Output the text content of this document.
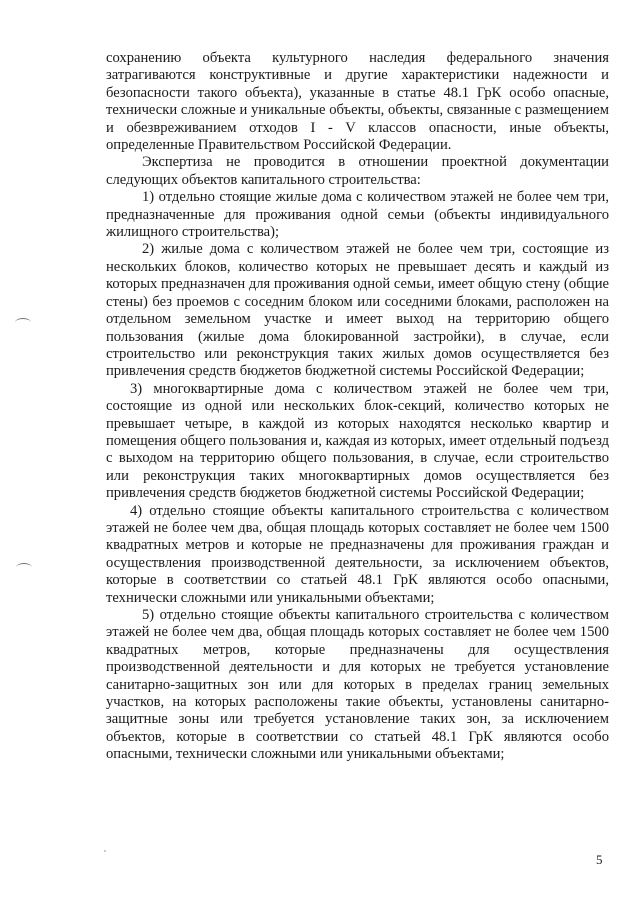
сохранению объекта культурного наследия федерального значения затрагиваются конструктивные и другие характеристики надежности и безопасности такого объекта), указанные в статье 48.1 ГрК особо опасные, технически сложные и уникальные объекты, объекты, связанные с размещением и обезвреживанием отходов I - V классов опасности, иные объекты, определенные Правительством Российской Федерации.

Экспертиза не проводится в отношении проектной документации следующих объектов капитального строительства:

1) отдельно стоящие жилые дома с количеством этажей не более чем три, предназначенные для проживания одной семьи (объекты индивидуального жилищного строительства);

2) жилые дома с количеством этажей не более чем три, состоящие из нескольких блоков, количество которых не превышает десять и каждый из которых предназначен для проживания одной семьи, имеет общую стену (общие стены) без проемов с соседним блоком или соседними блоками, расположен на отдельном земельном участке и имеет выход на территорию общего пользования (жилые дома блокированной застройки), в случае, если строительство или реконструкция таких жилых домов осуществляется без привлечения средств бюджетов бюджетной системы Российской Федерации;

3) многоквартирные дома с количеством этажей не более чем три, состоящие из одной или нескольких блок-секций, количество которых не превышает четыре, в каждой из которых находятся несколько квартир и помещения общего пользования и, каждая из которых, имеет отдельный подъезд с выходом на территорию общего пользования, в случае, если строительство или реконструкция таких многоквартирных домов осуществляется без привлечения средств бюджетов бюджетной системы Российской Федерации;

4) отдельно стоящие объекты капитального строительства с количеством этажей не более чем два, общая площадь которых составляет не более чем 1500 квадратных метров и которые не предназначены для проживания граждан и осуществления производственной деятельности, за исключением объектов, которые в соответствии со статьей 48.1 ГрК являются особо опасными, технически сложными или уникальными объектами;

5) отдельно стоящие объекты капитального строительства с количеством этажей не более чем два, общая площадь которых составляет не более чем 1500 квадратных метров, которые предназначены для осуществления производственной деятельности и для которых не требуется установление санитарно-защитных зон или для которых в пределах границ земельных участков, на которых расположены такие объекты, установлены санитарно-защитные зоны или требуется установление таких зон, за исключением объектов, которые в соответствии со статьей 48.1 ГрК являются особо опасными, технически сложными или уникальными объектами;

5
